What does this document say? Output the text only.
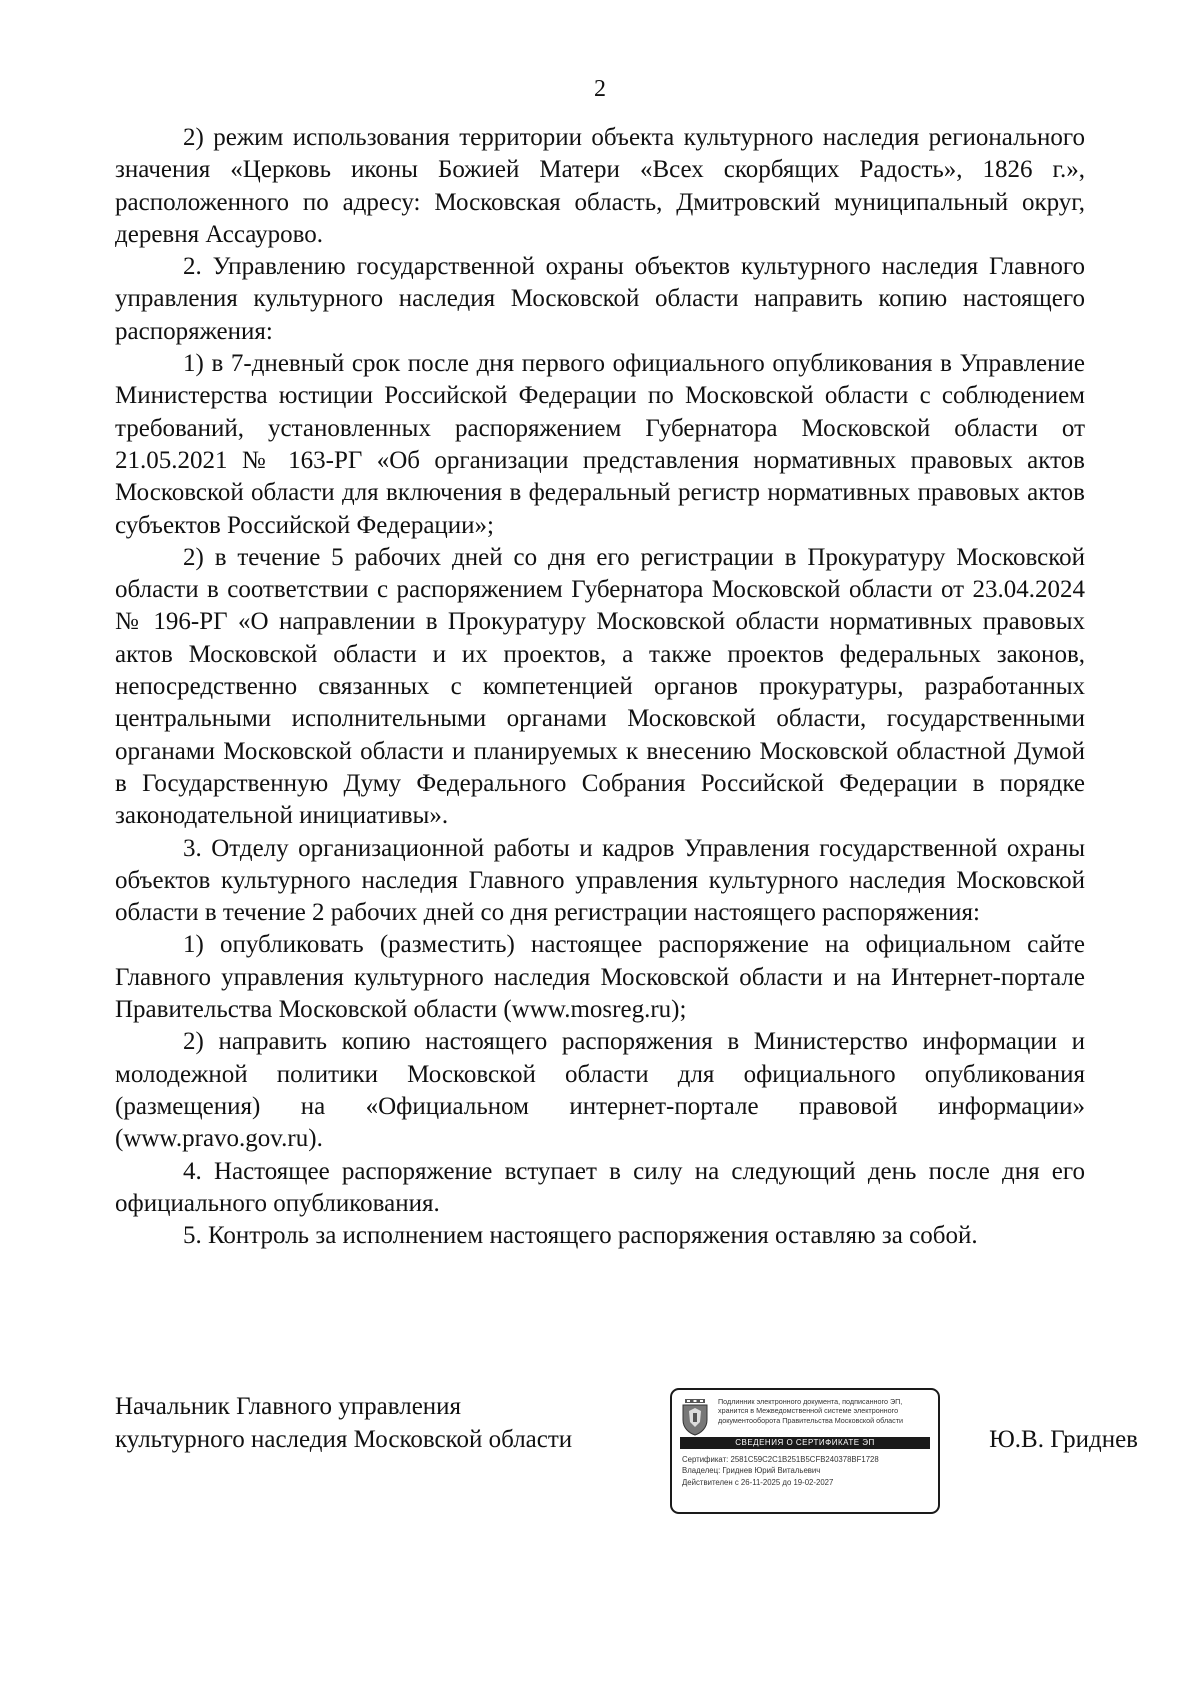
2

2) режим использования территории объекта культурного наследия регионального значения «Церковь иконы Божией Матери «Всех скорбящих Радость», 1826 г.», расположенного по адресу: Московская область, Дмитровский муниципальный округ, деревня Ассаурово.

2. Управлению государственной охраны объектов культурного наследия Главного управления культурного наследия Московской области направить копию настоящего распоряжения:

1) в 7-дневный срок после дня первого официального опубликования в Управление Министерства юстиции Российской Федерации по Московской области с соблюдением требований, установленных распоряжением Губернатора Московской области от 21.05.2021 № 163-РГ «Об организации представления нормативных правовых актов Московской области для включения в федеральный регистр нормативных правовых актов субъектов Российской Федерации»;

2) в течение 5 рабочих дней со дня его регистрации в Прокуратуру Московской области в соответствии с распоряжением Губернатора Московской области от 23.04.2024 № 196-РГ «О направлении в Прокуратуру Московской области нормативных правовых актов Московской области и их проектов, а также проектов федеральных законов, непосредственно связанных с компетенцией органов прокуратуры, разработанных центральными исполнительными органами Московской области, государственными органами Московской области и планируемых к внесению Московской областной Думой в Государственную Думу Федерального Собрания Российской Федерации в порядке законодательной инициативы».

3. Отделу организационной работы и кадров Управления государственной охраны объектов культурного наследия Главного управления культурного наследия Московской области в течение 2 рабочих дней со дня регистрации настоящего распоряжения:

1) опубликовать (разместить) настоящее распоряжение на официальном сайте Главного управления культурного наследия Московской области и на Интернет-портале Правительства Московской области (www.mosreg.ru);

2) направить копию настоящего распоряжения в Министерство информации и молодежной политики Московской области для официального опубликования (размещения) на «Официальном интернет-портале правовой информации» (www.pravo.gov.ru).

4. Настоящее распоряжение вступает в силу на следующий день после дня его официального опубликования.

5. Контроль за исполнением настоящего распоряжения оставляю за собой.

Начальник Главного управления
культурного наследия Московской области
Подлинник электронного документа, подписанного ЭП,
хранится в Межведомственной системе электронного
документооборота Правительства Московской области
СВЕДЕНИЯ О СЕРТИФИКАТЕ ЭП
Сертификат: 2581C59C2C1B251B5CFB240378BF1728
Владелец: Гриднев Юрий Витальевич
Действителен с 26-11-2025 до 19-02-2027
Ю.В. Гриднев
